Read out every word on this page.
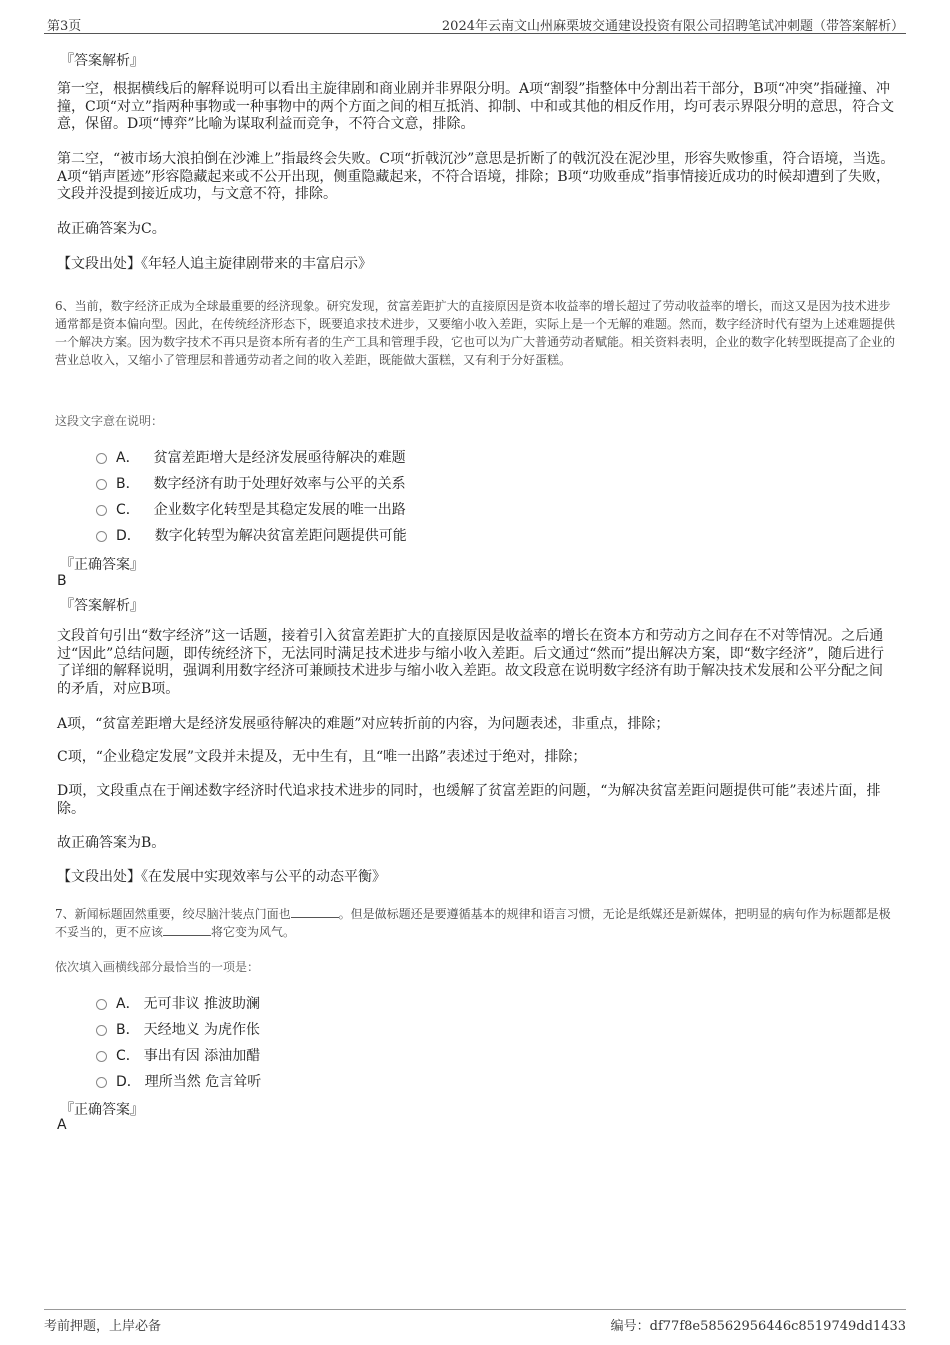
第3页	2024年云南文山州麻栗坡交通建设投资有限公司招聘笔试冲刺题（带答案解析）
『答案解析』
第一空，根据横线后的解释说明可以看出主旋律剧和商业剧并非界限分明。A项“割裂”指整体中分割出若干部分，B项“冲突”指碰撞、冲撞，C项“对立”指两种事物或一种事物中的两个方面之间的相互抵消、抑制、中和或其他的相反作用，均可表示界限分明的意思，符合文意，保留。D项“博弈”比喻为谋取利益而竞争，不符合文意，排除。
第二空，“被市场大浪拍倒在沙滩上”指最终会失败。C项“折戟沉沙”意思是折断了的戟沉没在泥沙里，形容失败惨重，符合语境，当选。A项“销声匿迹”形容隐藏起来或不公开出现，侧重隐藏起来，不符合语境，排除；B项“功败垂成”指事情接近成功的时候却遭到了失败，文段并没提到接近成功，与文意不符，排除。
故正确答案为C。
【文段出处】《年轻人追主旋律剧带来的丰富启示》
6、当前，数字经济正成为全球最重要的经济现象。研究发现，贫富差距扩大的直接原因是资本收益率的增长超过了劳动收益率的增长，而这又是因为技术进步通常都是资本偏向型。因此，在传统经济形态下，既要追求技术进步，又要缩小收入差距，实际上是一个无解的难题。然而，数字经济时代有望为上述难题提供一个解决方案。因为数字技术不再只是资本所有者的生产工具和管理手段，它也可以为广大普通劳动者赋能。相关资料表明，企业的数字化转型既提高了企业的营业总收入，又缩小了管理层和普通劳动者之间的收入差距，既能做大蛋糕，又有利于分好蛋糕。
这段文字意在说明：
A． 贫富差距增大是经济发展亟待解决的难题
B． 数字经济有助于处理好效率与公平的关系
C． 企业数字化转型是其稳定发展的唯一出路
D． 数字化转型为解决贫富差距问题提供可能
『正确答案』
B
『答案解析』
文段首句引出“数字经济”这一话题，接着引入贫富差距扩大的直接原因是收益率的增长在资本方和劳动方之间存在不对等情况。之后通过“因此”总结问题，即传统经济下，无法同时满足技术进步与缩小收入差距。后文通过“然而”提出解决方案，即“数字经济”，随后进行了详细的解释说明，强调利用数字经济可兼顾技术进步与缩小收入差距。故文段意在说明数字经济有助于解决技术发展和公平分配之间的矛盾，对应B项。
A项，“贫富差距增大是经济发展亟待解决的难题”对应转折前的内容，为问题表述，非重点，排除；
C项，“企业稳定发展”文段并未提及，无中生有，且“唯一出路”表述过于绝对，排除；
D项，文段重点在于阐述数字经济时代追求技术进步的同时，也缓解了贫富差距的问题，“为解决贫富差距问题提供可能”表述片面，排除。
故正确答案为B。
【文段出处】《在发展中实现效率与公平的动态平衡》
7、新闻标题固然重要，绞尽脑汁装点门面也	。但是做标题还是要遵循基本的规律和语言习惯，无论是纸媒还是新媒体，把明显的病句作为标题都是极不妥当的，更不应该	将它变为风气。
依次填入画横线部分最恰当的一项是：
A． 无可非议 推波助澜
B． 天经地义 为虎作伥
C． 事出有因 添油加醋
D． 理所当然 危言耸听
『正确答案』
A
考前押题，上岸必备	编号：df77f8e58562956446c8519749dd1433
